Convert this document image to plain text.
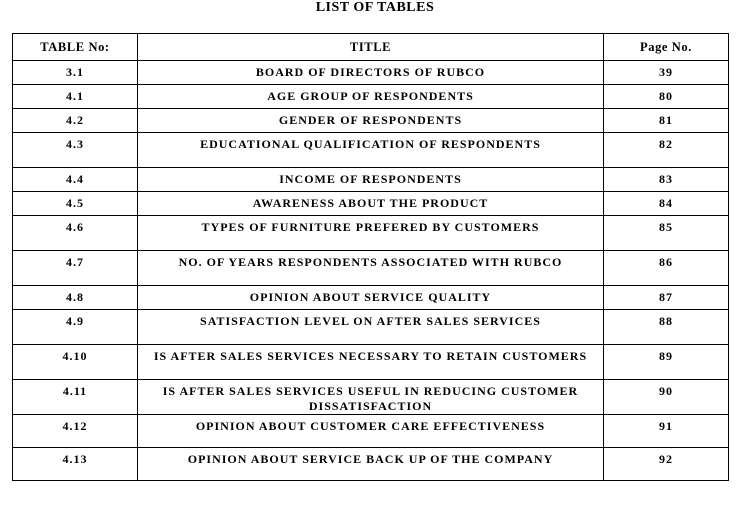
LIST OF TABLES
TABLE No:	TITLE	Page No.
3.1	BOARD OF DIRECTORS OF RUBCO	39
4.1	AGE GROUP OF RESPONDENTS	80
4.2	GENDER OF RESPONDENTS	81
4.3	EDUCATIONAL QUALIFICATION OF RESPONDENTS	82
4.4	INCOME OF RESPONDENTS	83
4.5	AWARENESS ABOUT THE PRODUCT	84
4.6	TYPES OF FURNITURE PREFERED BY CUSTOMERS	85
4.7	NO. OF YEARS RESPONDENTS ASSOCIATED WITH RUBCO	86
4.8	OPINION ABOUT SERVICE QUALITY	87
4.9	SATISFACTION LEVEL ON AFTER SALES SERVICES	88
4.10	IS AFTER SALES SERVICES NECESSARY TO RETAIN CUSTOMERS	89
4.11	IS AFTER SALES SERVICES USEFUL IN REDUCING CUSTOMER DISSATISFACTION	90
4.12	OPINION ABOUT CUSTOMER CARE EFFECTIVENESS	91
4.13	OPINION ABOUT SERVICE BACK UP OF THE COMPANY	92
